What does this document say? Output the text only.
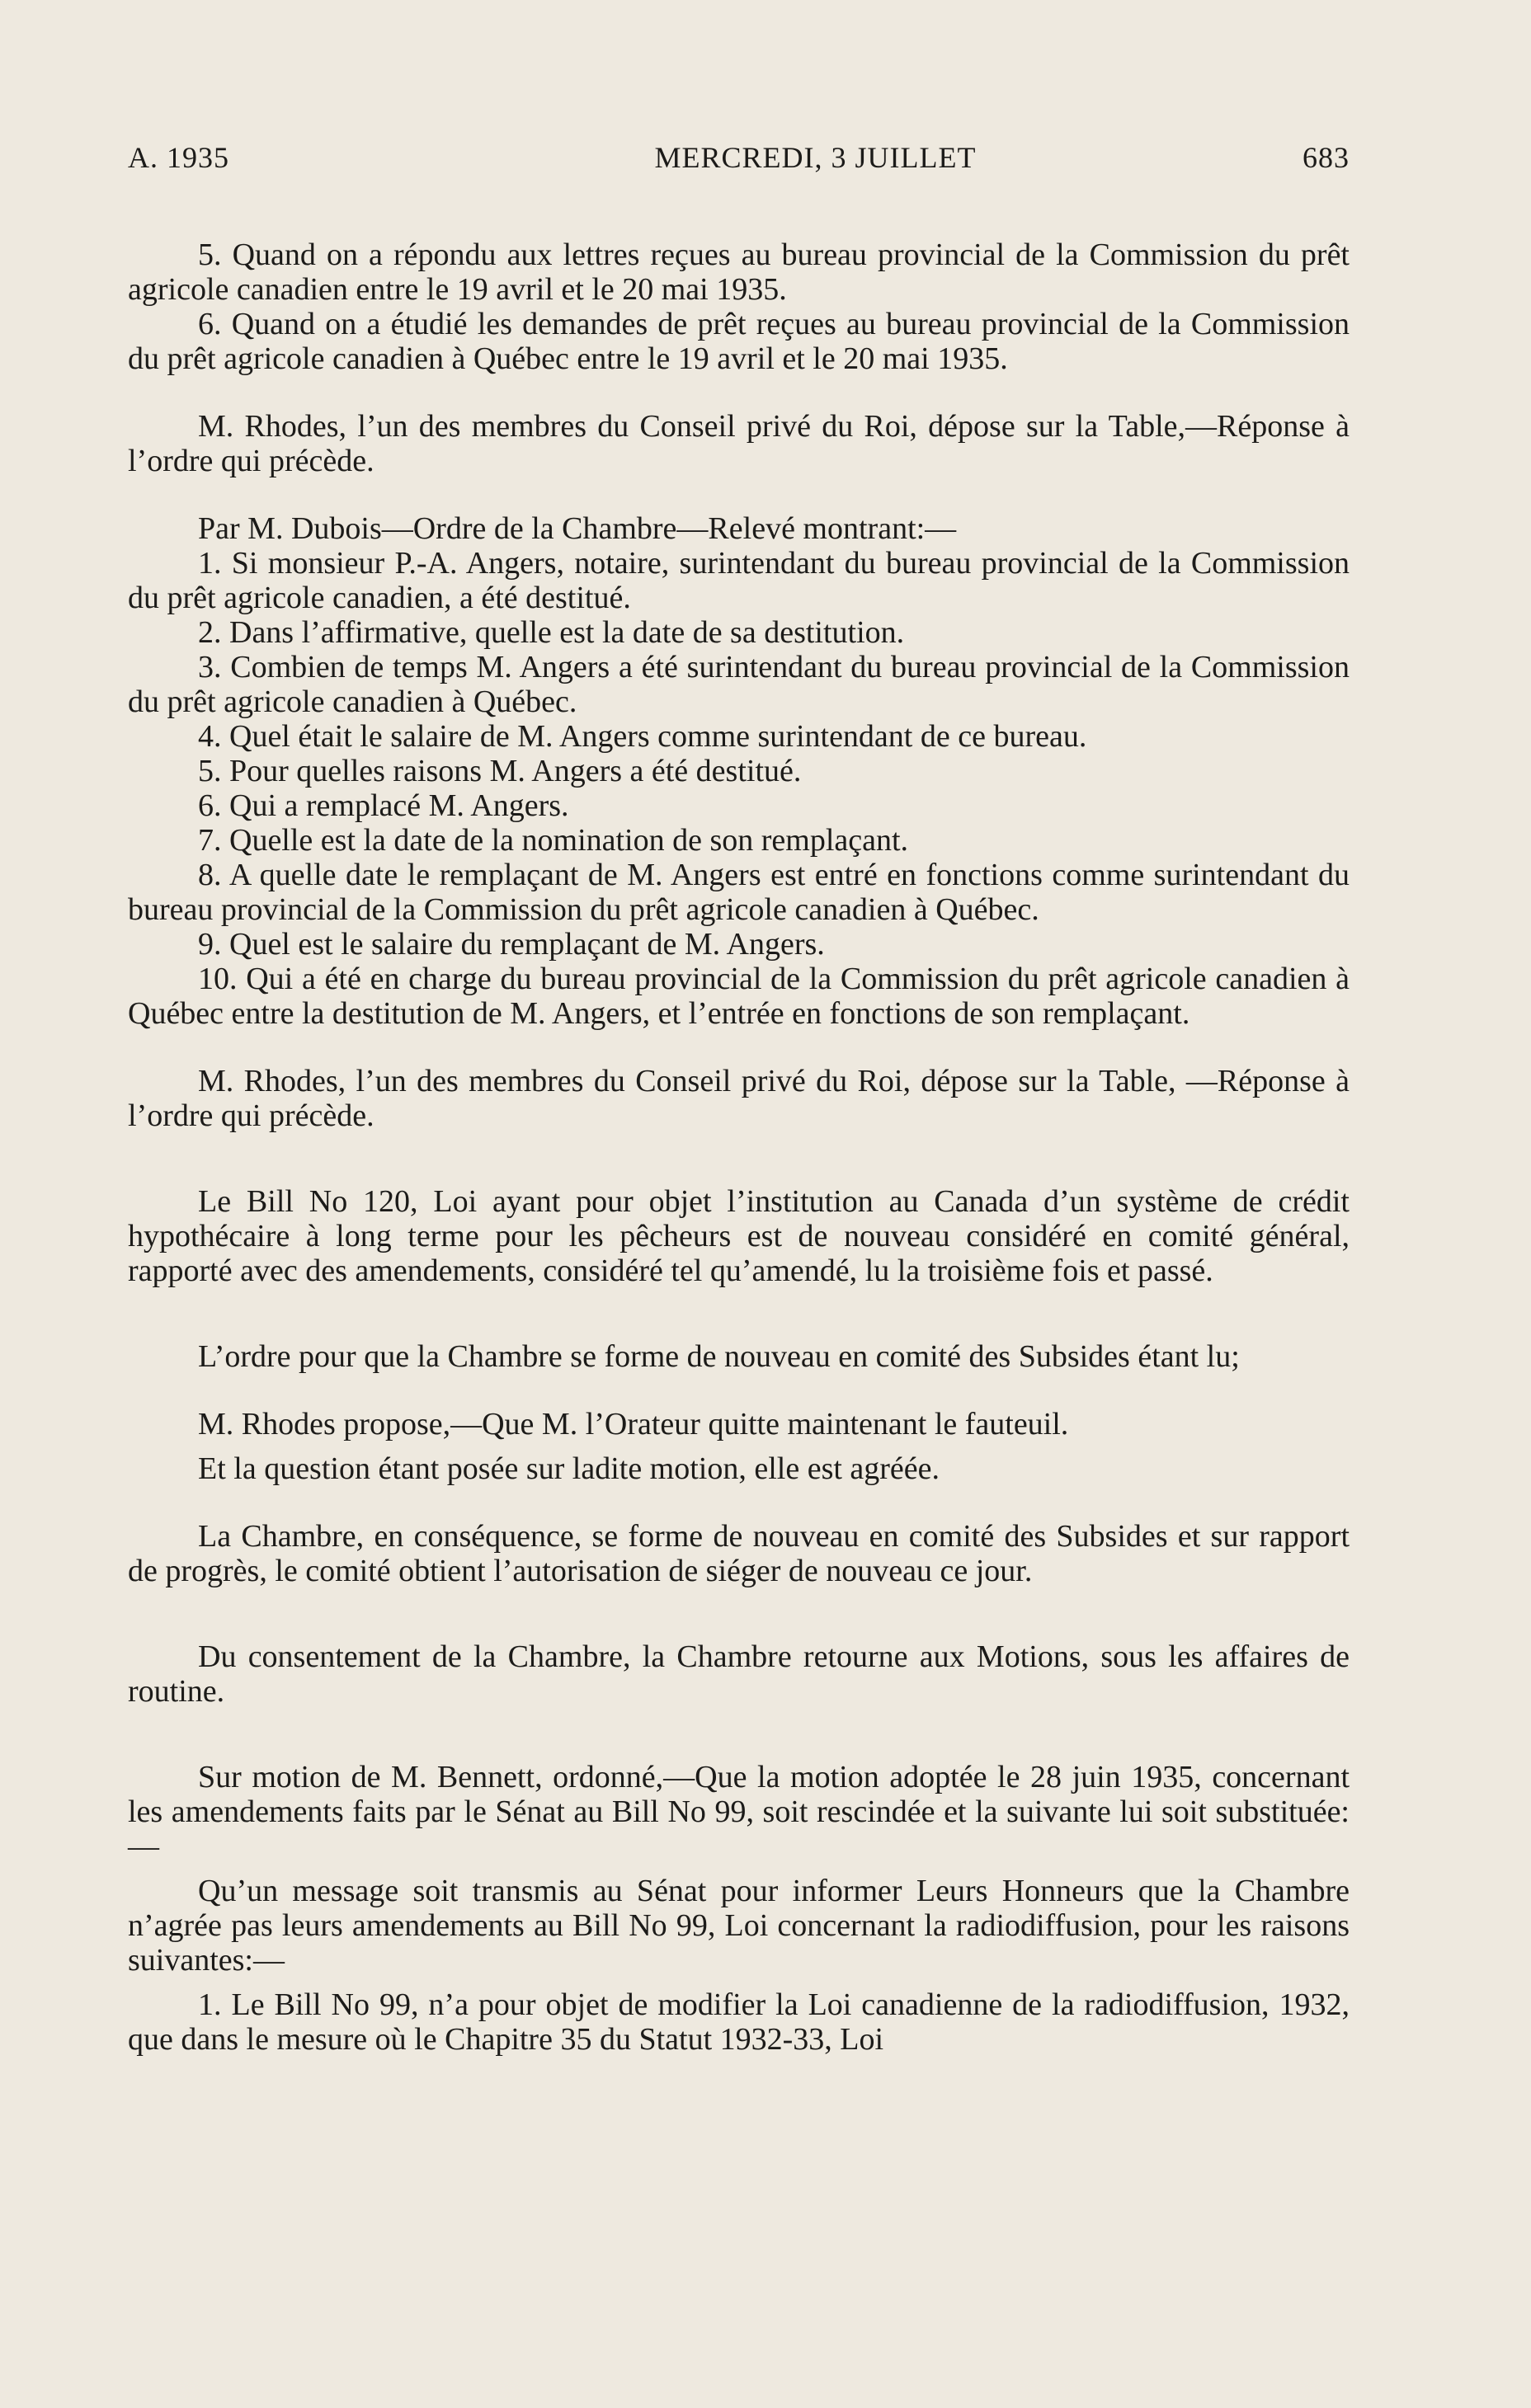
A. 1935	MERCREDI, 3 JUILLET	683

5. Quand on a répondu aux lettres reçues au bureau provincial de la Commission du prêt agricole canadien entre le 19 avril et le 20 mai 1935.

6. Quand on a étudié les demandes de prêt reçues au bureau provincial de la Commission du prêt agricole canadien à Québec entre le 19 avril et le 20 mai 1935.

M. Rhodes, l’un des membres du Conseil privé du Roi, dépose sur la Table,—Réponse à l’ordre qui précède.

Par M. Dubois—Ordre de la Chambre—Relevé montrant:—

1. Si monsieur P.-A. Angers, notaire, surintendant du bureau provincial de la Commission du prêt agricole canadien, a été destitué.

2. Dans l’affirmative, quelle est la date de sa destitution.

3. Combien de temps M. Angers a été surintendant du bureau provincial de la Commission du prêt agricole canadien à Québec.

4. Quel était le salaire de M. Angers comme surintendant de ce bureau.

5. Pour quelles raisons M. Angers a été destitué.

6. Qui a remplacé M. Angers.

7. Quelle est la date de la nomination de son remplaçant.

8. A quelle date le remplaçant de M. Angers est entré en fonctions comme surintendant du bureau provincial de la Commission du prêt agricole canadien à Québec.

9. Quel est le salaire du remplaçant de M. Angers.

10. Qui a été en charge du bureau provincial de la Commission du prêt agricole canadien à Québec entre la destitution de M. Angers, et l’entrée en fonctions de son remplaçant.

M. Rhodes, l’un des membres du Conseil privé du Roi, dépose sur la Table, —Réponse à l’ordre qui précède.

Le Bill No 120, Loi ayant pour objet l’institution au Canada d’un système de crédit hypothécaire à long terme pour les pêcheurs est de nouveau considéré en comité général, rapporté avec des amendements, considéré tel qu’amendé, lu la troisième fois et passé.

L’ordre pour que la Chambre se forme de nouveau en comité des Subsides étant lu;

M. Rhodes propose,—Que M. l’Orateur quitte maintenant le fauteuil.

Et la question étant posée sur ladite motion, elle est agréée.

La Chambre, en conséquence, se forme de nouveau en comité des Subsides et sur rapport de progrès, le comité obtient l’autorisation de siéger de nouveau ce jour.

Du consentement de la Chambre, la Chambre retourne aux Motions, sous les affaires de routine.

Sur motion de M. Bennett, ordonné,—Que la motion adoptée le 28 juin 1935, concernant les amendements faits par le Sénat au Bill No 99, soit rescindée et la suivante lui soit substituée:—

Qu’un message soit transmis au Sénat pour informer Leurs Honneurs que la Chambre n’agrée pas leurs amendements au Bill No 99, Loi concernant la radiodiffusion, pour les raisons suivantes:—

1. Le Bill No 99, n’a pour objet de modifier la Loi canadienne de la radiodiffusion, 1932, que dans le mesure où le Chapitre 35 du Statut 1932-33, Loi
